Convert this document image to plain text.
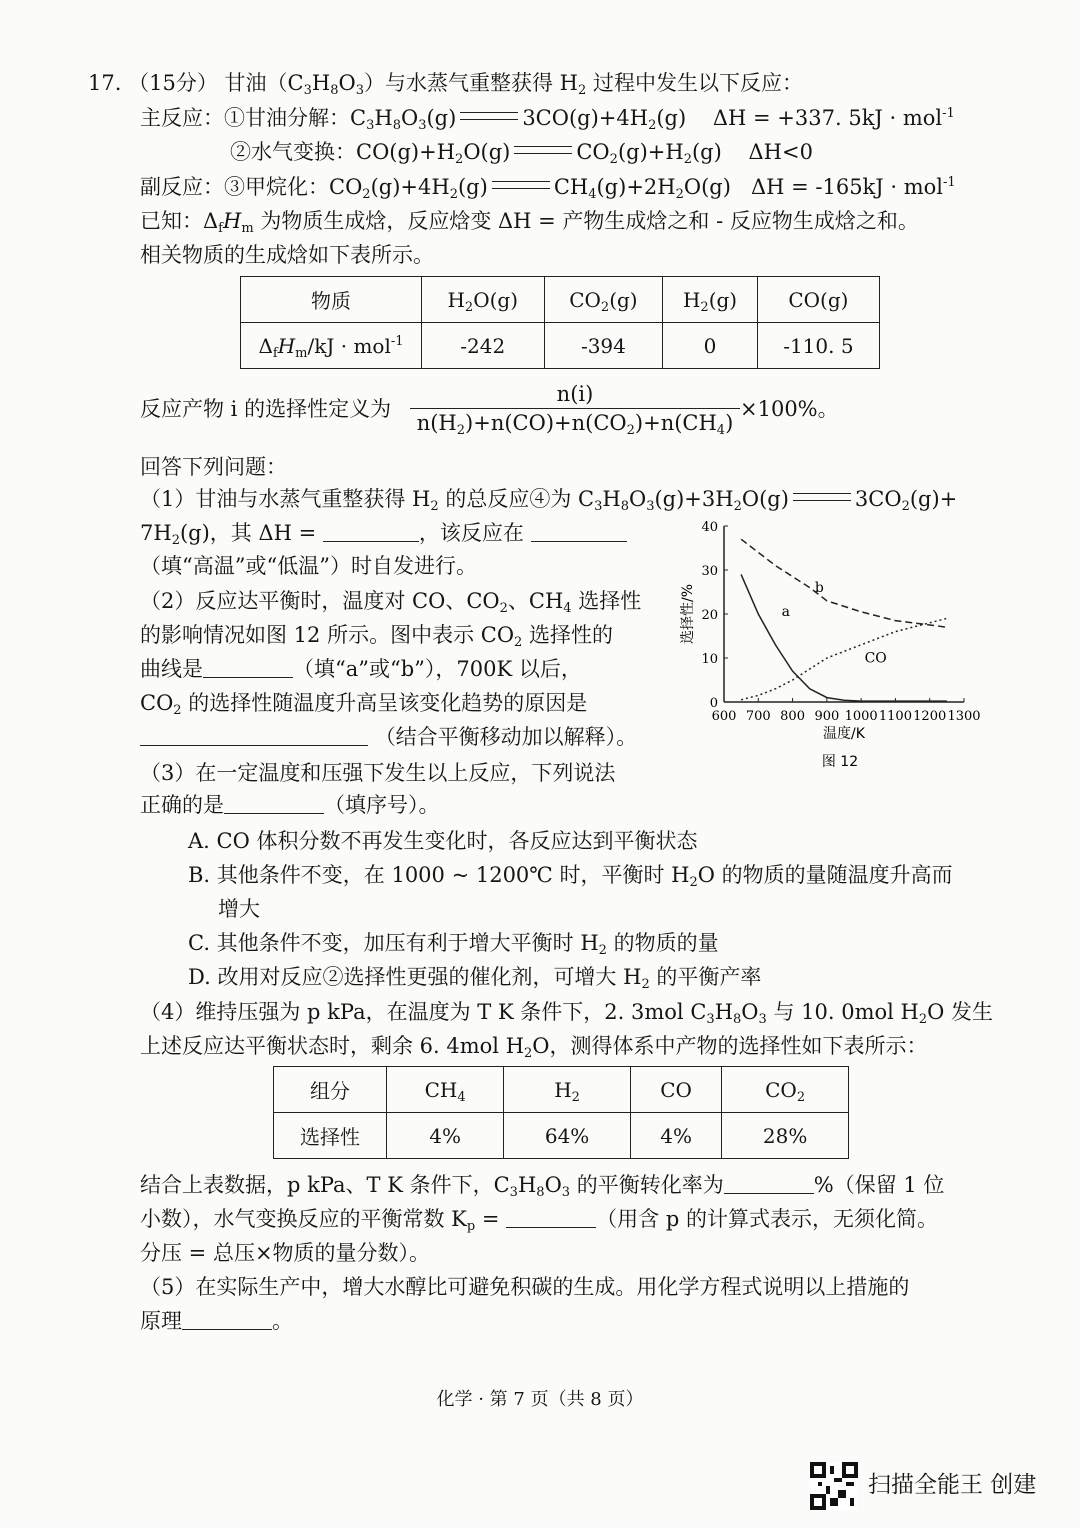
17. （15分） 甘油$(C_3H_8O_3)$与水蒸气重整获得 $H_2$ 过程中发生以下反应：
主反应：①甘油分解：$C_3H_8O_3(g)$	$3CO(g)+4H_2(g)$    ΔH = +337. 5kJ · mol$^{-1}$
②水气变换：$CO(g)+H_2O(g)$	$CO_2(g)+H_2(g)$    ΔH<0
副反应：③甲烷化：$CO_2(g)+4H_2(g)$	$CH_4(g)+2H_2O(g) \Delta H = -165kJ \cdot mol^{-1}$
已知：$\Delta_fH_m$ 为物质生成焓，反应焓变 ΔH = 产物生成焓之和 - 反应物生成焓之和。
相关物质的生成焓如下表所示。
物质	$H_2O(g)$	$CO_2(g)$	$H_2(g)$	CO(g)
$\Delta_fH_m/kJ \cdot mol^{-1}$	-242	-394	0	-110. 5
反应产物 i 的选择性定义为 $\frac{n(i)}{n(H_2)+n(CO)+n(CO_2)+n(CH_4)} \times 100\%$。
回答下列问题：
（1）甘油与水蒸气重整获得 $H_2$ 的总反应④为 $C_3H_8O_3(g)+3H_2O(g)$	$3CO_2(g)+$
$7H_2(g)$，其 ΔH =	，该反应在
（填“高温”或“低温”）时自发进行。
（2）反应达平衡时，温度对 CO、$CO_2$、$CH_4$ 选择性
的影响情况如图 12 所示。图中表示 $CO_2$ 选择性的
曲线是	（填“a”或“b”），700K 以后，
$CO_2$ 的选择性随温度升高呈该变化趋势的原因是
（结合平衡移动加以解释）。
600 700 800 900 1000 1100 1200 1300
0
10
20
30
40
a
b
CO
温度/K
选择性/%
图 12
（3）在一定温度和压强下发生以上反应，下列说法
正确的是	（填序号）。
A. CO 体积分数不再发生变化时，各反应达到平衡状态
B. 其他条件不变，在 1000 ~ 1200℃ 时，平衡时 $H_2O$ 的物质的量随温度升高而
增大
C. 其他条件不变，加压有利于增大平衡时 $H_2$ 的物质的量
D. 改用对反应②选择性更强的催化剂，可增大 $H_2$ 的平衡产率
（4）维持压强为 p kPa，在温度为 T K 条件下，2. 3mol $C_3H_8O_3$ 与 10. 0mol $H_2O$ 发生
上述反应达平衡状态时，剩余 6. 4mol $H_2O$，测得体系中产物的选择性如下表所示：
组分	$CH_4$	$H_2$	CO	$CO_2$
选择性	4%	64%	4%	28%
结合上表数据，p kPa、T K 条件下，$C_3H_8O_3$ 的平衡转化率为	%（保留 1 位
小数），水气变换反应的平衡常数 $K_p$ =	（用含 p 的计算式表示，无须化简。
分压 = 总压×物质的量分数）。
（5）在实际生产中，增大水醇比可避免积碳的生成。用化学方程式说明以上措施的
原理	。
化学 · 第 7 页（共 8 页）
扫描全能王 创建
